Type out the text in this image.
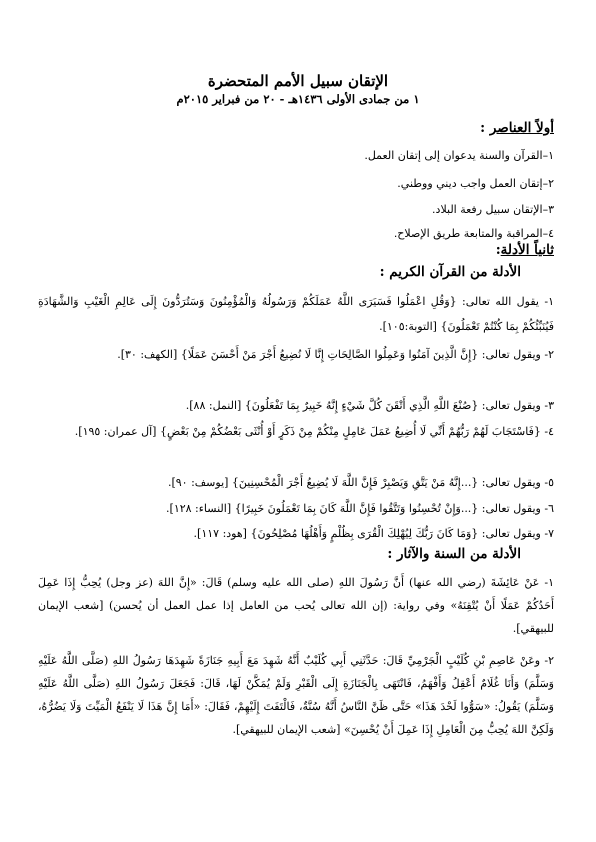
الإتقان سبيل الأمم المتحضرة
١ من جمادى الأولى ١٤٣٦هـ - ٢٠ من فبراير ٢٠١٥م
أولاً العناصر :
١–القرآن والسنة يدعوان إلى إتقان العمل.
٢–إتقان العمل واجب ديني ووطني.
٣–الإتقان سبيل رفعة البلاد.
٤–المراقبة والمتابعة طريق الإصلاح.
ثانياً الأدلة:
الأدلة من القرآن الكريم :
١- يقول الله تعالى: {وَقُلِ اعْمَلُوا فَسَيَرَى اللَّهُ عَمَلَكُمْ وَرَسُولُهُ وَالْمُؤْمِنُونَ وَسَتُرَدُّونَ إِلَى عَالِمِ الْغَيْبِ وَالشَّهَادَةِ فَيُنَبِّئُكُمْ بِمَا كُنْتُمْ تَعْمَلُونَ} [التوبة:١٠٥].
٢- ويقول تعالى: {إِنَّ الَّذِينَ آمَنُوا وَعَمِلُوا الصَّالِحَاتِ إِنَّا لَا نُضِيعُ أَجْرَ مَنْ أَحْسَنَ عَمَلًا} [الكهف: ٣٠].
٣- ويقول تعالى: {صُنْعَ اللَّهِ الَّذِي أَتْقَنَ كُلَّ شَيْءٍ إِنَّهُ خَبِيرٌ بِمَا تَفْعَلُونَ} [النمل: ٨٨].
٤- {فَاسْتَجَابَ لَهُمْ رَبُّهُمْ أَنِّي لَا أُضِيعُ عَمَلَ عَامِلٍ مِنْكُمْ مِنْ ذَكَرٍ أَوْ أُنْثَى بَعْضُكُمْ مِنْ بَعْضٍ} [آل عمران: ١٩٥].
٥- ويقول تعالى: {...إِنَّهُ مَنْ يَتَّقِ وَيَصْبِرْ فَإِنَّ اللَّهَ لَا يُضِيعُ أَجْرَ الْمُحْسِنِينَ} [يوسف: ٩٠].
٦- ويقول تعالى: {...وَإِنْ تُحْسِنُوا وَتَتَّقُوا فَإِنَّ اللَّهَ كَانَ بِمَا تَعْمَلُونَ خَبِيرًا} [النساء: ١٢٨].
٧- ويقول تعالى: {وَمَا كَانَ رَبُّكَ لِيُهْلِكَ الْقُرَى بِظُلْمٍ وَأَهْلُهَا مُصْلِحُونَ} [هود: ١١٧].
الأدلة من السنة والآثار :
١- عَنْ عَائِشَةَ (رضي الله عنها) أَنَّ رَسُولَ اللهِ (صلى الله عليه وسلم) قَالَ: «إِنَّ اللهَ (عز وجل) يُحِبُّ إِذَا عَمِلَ أَحَدُكُمْ عَمَلًا أَنْ يُتْقِنَهُ» وفي رواية: (إن الله تعالى يُحب من العامل إذا عمل العمل أن يُحسن) [شعب الإيمان للبيهقي].
٢- وعَنْ عَاصِمِ بْنِ كُلَيْبٍ الْجَرْمِيِّ قَالَ: حَدَّثَنِي أَبِي كُلَيْبٌ أَنَّهُ شَهِدَ مَعَ أَبِيهِ جَنَازَةً شَهِدَهَا رَسُولُ اللهِ (صَلَّى اللَّهُ عَلَيْهِ وَسَلَّمَ) وَأَنَا غُلَامٌ أَعْقِلُ وَأَفْهَمُ، فَانْتَهَى بِالْجَنَازَةِ إِلَى الْقَبْرِ وَلَمْ يُمَكَّنْ لَهَا، قَالَ: فَجَعَلَ رَسُولُ اللهِ (صَلَّى اللَّهُ عَلَيْهِ وَسَلَّمَ) يَقُولُ: «سَوُّوا لَحْدَ هَذَا» حَتَّى ظَنَّ النَّاسُ أَنَّهُ سُنَّةٌ، فَالْتَفَتَ إِلَيْهِمْ، فَقَالَ: «أَمَا إِنَّ هَذَا لَا يَنْفَعُ الْمَيِّتَ وَلَا يَضُرُّهُ، وَلَكِنَّ اللهَ يُحِبُّ مِنَ الْعَامِلِ إِذَا عَمِلَ أَنْ يُحْسِنَ» [شعب الإيمان للبيهقي].
